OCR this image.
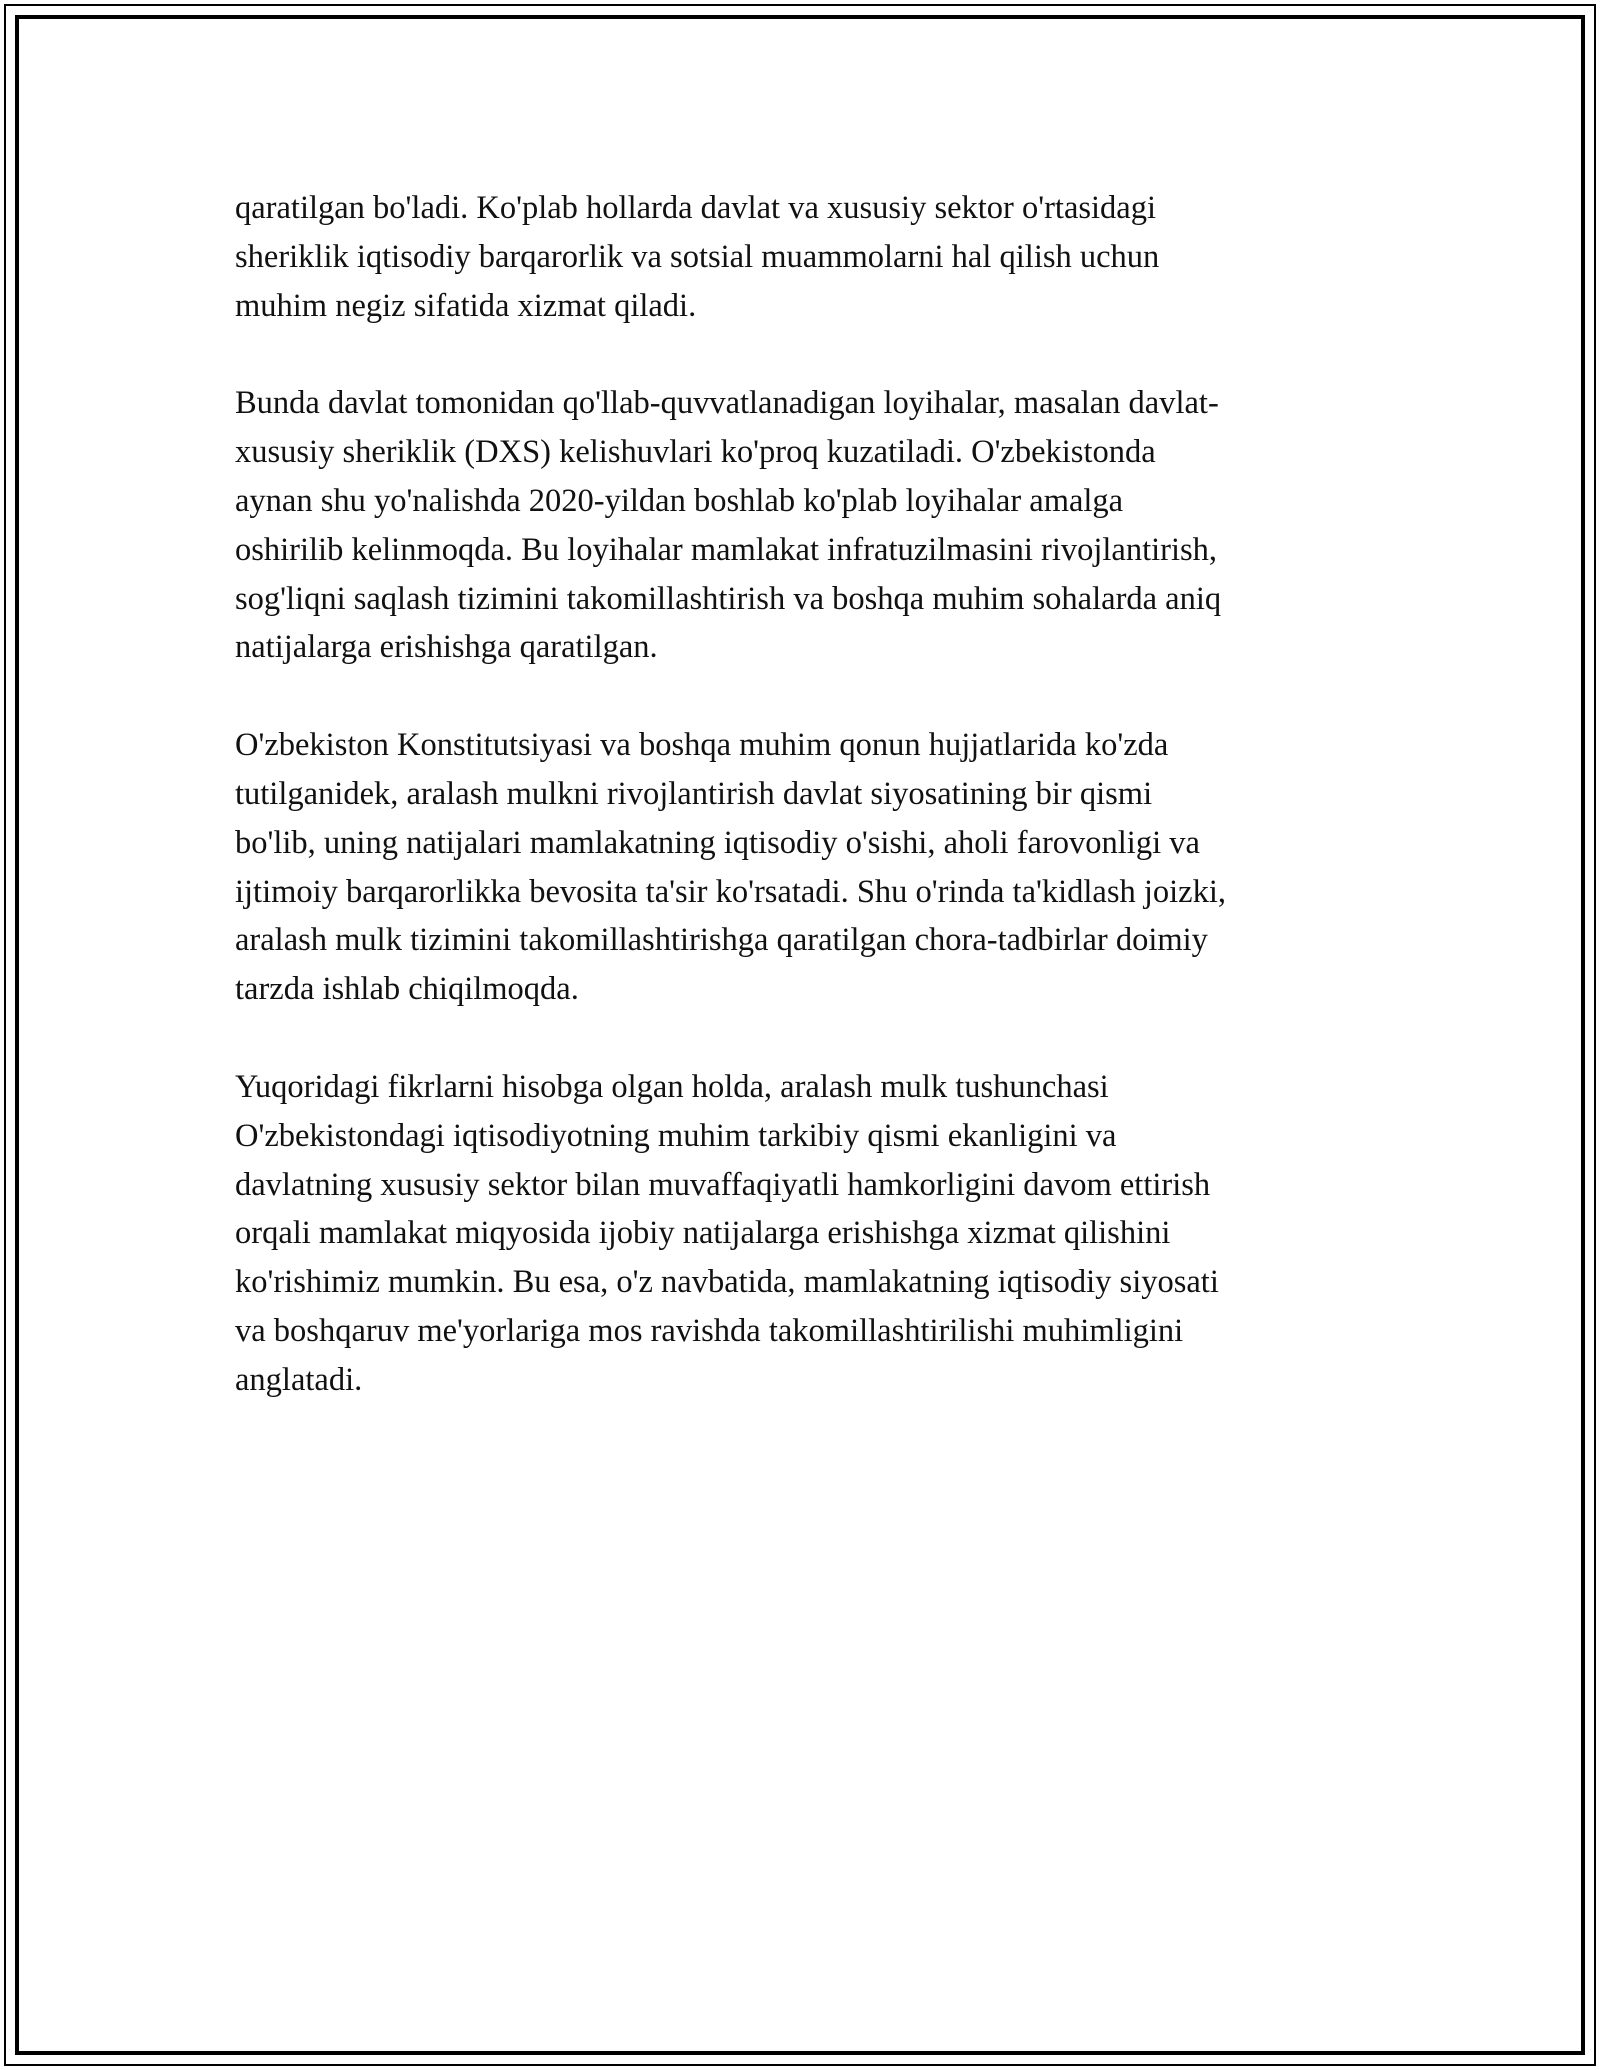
qaratilgan bo'ladi. Ko'plab hollarda davlat va xususiy sektor o'rtasidagi
sheriklik iqtisodiy barqarorlik va sotsial muammolarni hal qilish uchun
muhim negiz sifatida xizmat qiladi.

Bunda davlat tomonidan qo'llab-quvvatlanadigan loyihalar, masalan davlat-
xususiy sheriklik (DXS) kelishuvlari ko'proq kuzatiladi. O'zbekistonda
aynan shu yo'nalishda 2020-yildan boshlab ko'plab loyihalar amalga
oshirilib kelinmoqda. Bu loyihalar mamlakat infratuzilmasini rivojlantirish,
sog'liqni saqlash tizimini takomillashtirish va boshqa muhim sohalarda aniq
natijalarga erishishga qaratilgan.

O'zbekiston Konstitutsiyasi va boshqa muhim qonun hujjatlarida ko'zda
tutilganidek, aralash mulkni rivojlantirish davlat siyosatining bir qismi
bo'lib, uning natijalari mamlakatning iqtisodiy o'sishi, aholi farovonligi va
ijtimoiy barqarorlikka bevosita ta'sir ko'rsatadi. Shu o'rinda ta'kidlash joizki,
aralash mulk tizimini takomillashtirishga qaratilgan chora-tadbirlar doimiy
tarzda ishlab chiqilmoqda.

Yuqoridagi fikrlarni hisobga olgan holda, aralash mulk tushunchasi
O'zbekistondagi iqtisodiyotning muhim tarkibiy qismi ekanligini va
davlatning xususiy sektor bilan muvaffaqiyatli hamkorligini davom ettirish
orqali mamlakat miqyosida ijobiy natijalarga erishishga xizmat qilishini
ko'rishimiz mumkin. Bu esa, o'z navbatida, mamlakatning iqtisodiy siyosati
va boshqaruv me'yorlariga mos ravishda takomillashtirilishi muhimligini
anglatadi.
